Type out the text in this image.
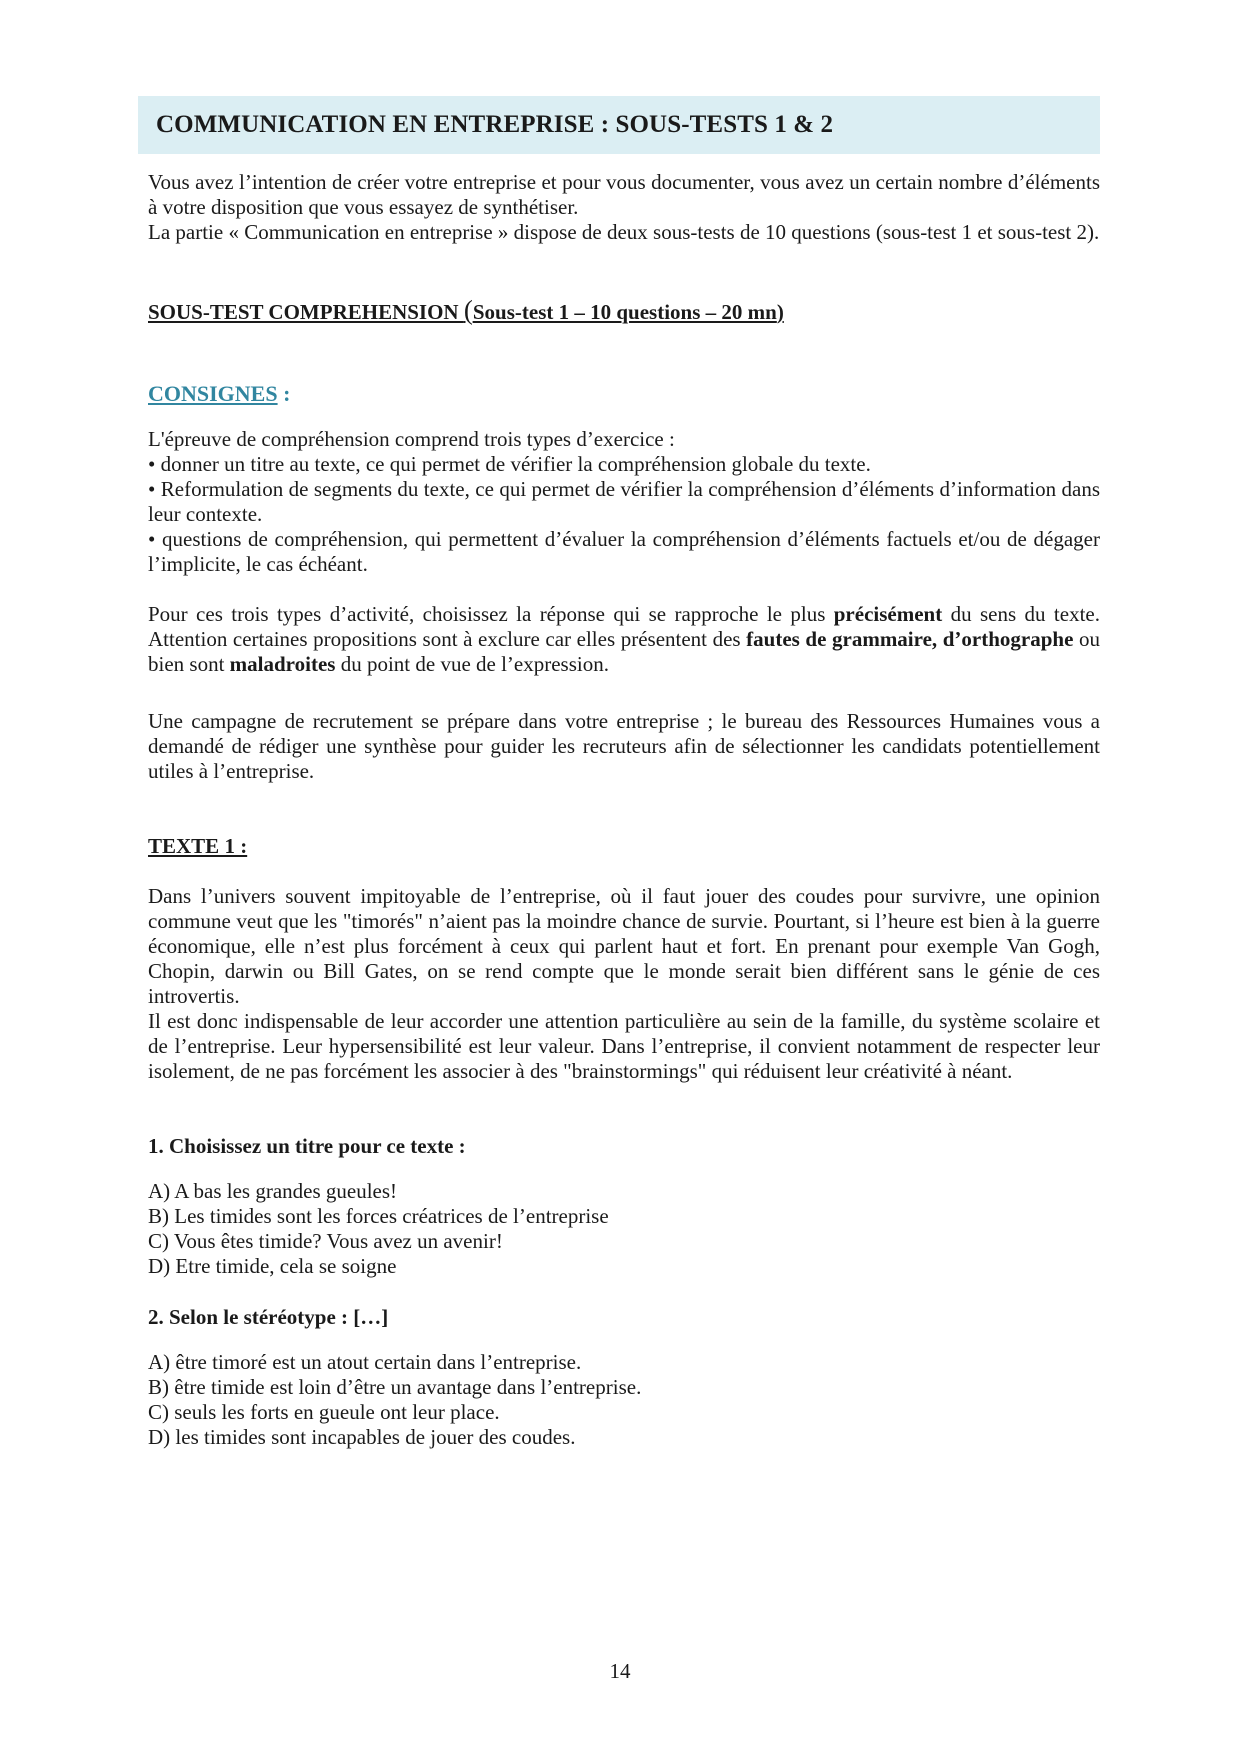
COMMUNICATION EN ENTREPRISE : SOUS-TESTS 1 & 2

Vous avez l’intention de créer votre entreprise et pour vous documenter, vous avez un certain nombre d’éléments à votre disposition que vous essayez de synthétiser.

La partie « Communication en entreprise » dispose de deux sous-tests de 10 questions (sous-test 1 et sous-test 2).

SOUS-TEST COMPREHENSION (Sous-test 1 – 10 questions – 20 mn)
CONSIGNES :

L'épreuve de compréhension comprend trois types d’exercice :

• donner un titre au texte, ce qui permet de vérifier la compréhension globale du texte.

• Reformulation de segments du texte, ce qui permet de vérifier la compréhension d’éléments d’information dans leur contexte.

• questions de compréhension, qui permettent d’évaluer la compréhension d’éléments factuels et/ou de dégager l’implicite, le cas échéant.

Pour ces trois types d’activité, choisissez la réponse qui se rapproche le plus précisément du sens du texte. Attention certaines propositions sont à exclure car elles présentent des fautes de grammaire, d’orthographe ou bien sont maladroites du point de vue de l’expression.

Une campagne de recrutement se prépare dans votre entreprise ; le bureau des Ressources Humaines vous a demandé de rédiger une synthèse pour guider les recruteurs afin de sélectionner les candidats potentiellement utiles à l’entreprise.

TEXTE 1 :

Dans l’univers souvent impitoyable de l’entreprise, où il faut jouer des coudes pour survivre, une opinion commune veut que les "timorés" n’aient pas la moindre chance de survie. Pourtant, si l’heure est bien à la guerre économique, elle n’est plus forcément à ceux qui parlent haut et fort. En prenant pour exemple Van Gogh, Chopin, darwin ou Bill Gates, on se rend compte que le monde serait bien différent sans le génie de ces introvertis.

Il est donc indispensable de leur accorder une attention particulière au sein de la famille, du système scolaire et de l’entreprise. Leur hypersensibilité est leur valeur. Dans l’entreprise, il convient notamment de respecter leur isolement, de ne pas forcément les associer à des "brainstormings" qui réduisent leur créativité à néant.

1. Choisissez un titre pour ce texte :

A) A bas les grandes gueules!

B) Les timides sont les forces créatrices de l’entreprise

C) Vous êtes timide? Vous avez un avenir!

D) Etre timide, cela se soigne

2. Selon le stéréotype : […]

A) être timoré est un atout certain dans l’entreprise.

B) être timide est loin d’être un avantage dans l’entreprise.

C) seuls les forts en gueule ont leur place.

D) les timides sont incapables de jouer des coudes.

14
